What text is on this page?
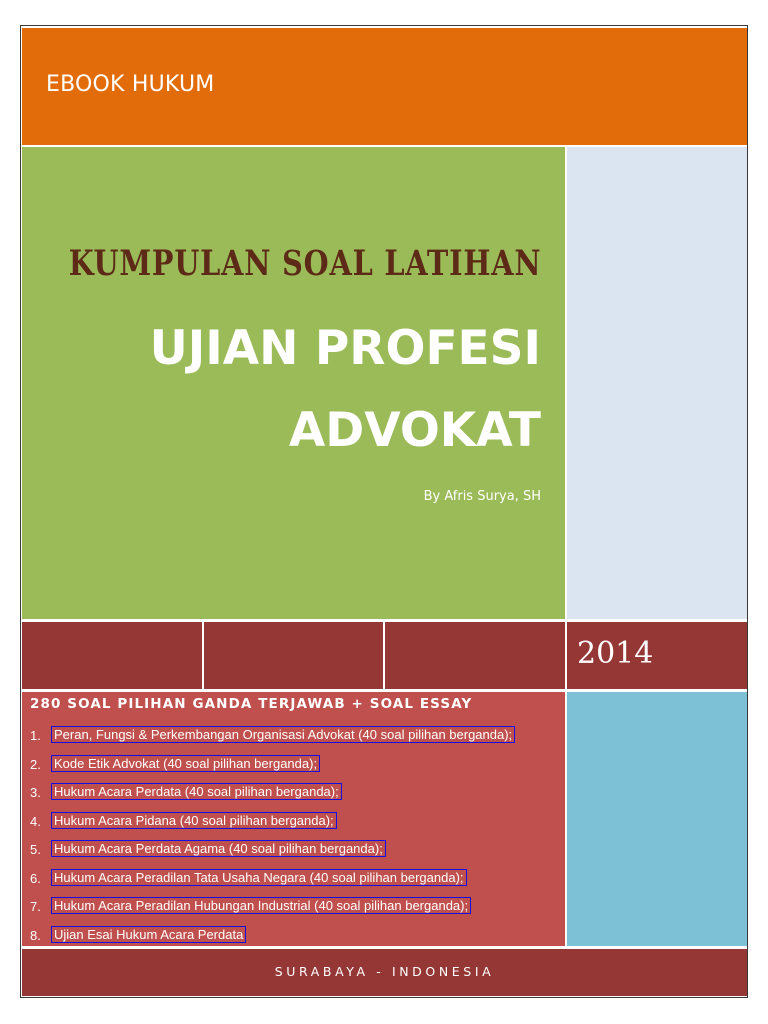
EBOOK HUKUM
KUMPULAN SOAL LATIHAN
UJIAN PROFESI
ADVOKAT
By Afris Surya, SH
2014
280 SOAL PILIHAN GANDA TERJAWAB + SOAL ESSAY
1. Peran, Fungsi & Perkembangan Organisasi Advokat (40 soal pilihan berganda);
2. Kode Etik Advokat (40 soal pilihan berganda);
3. Hukum Acara Perdata (40 soal pilihan berganda);
4. Hukum Acara Pidana (40 soal pilihan berganda);
5. Hukum Acara Perdata Agama (40 soal pilihan berganda);
6. Hukum Acara Peradilan Tata Usaha Negara (40 soal pilihan berganda);
7. Hukum Acara Peradilan Hubungan Industrial (40 soal pilihan berganda);
8. Ujian Esai Hukum Acara Perdata
SURABAYA - INDONESIA
